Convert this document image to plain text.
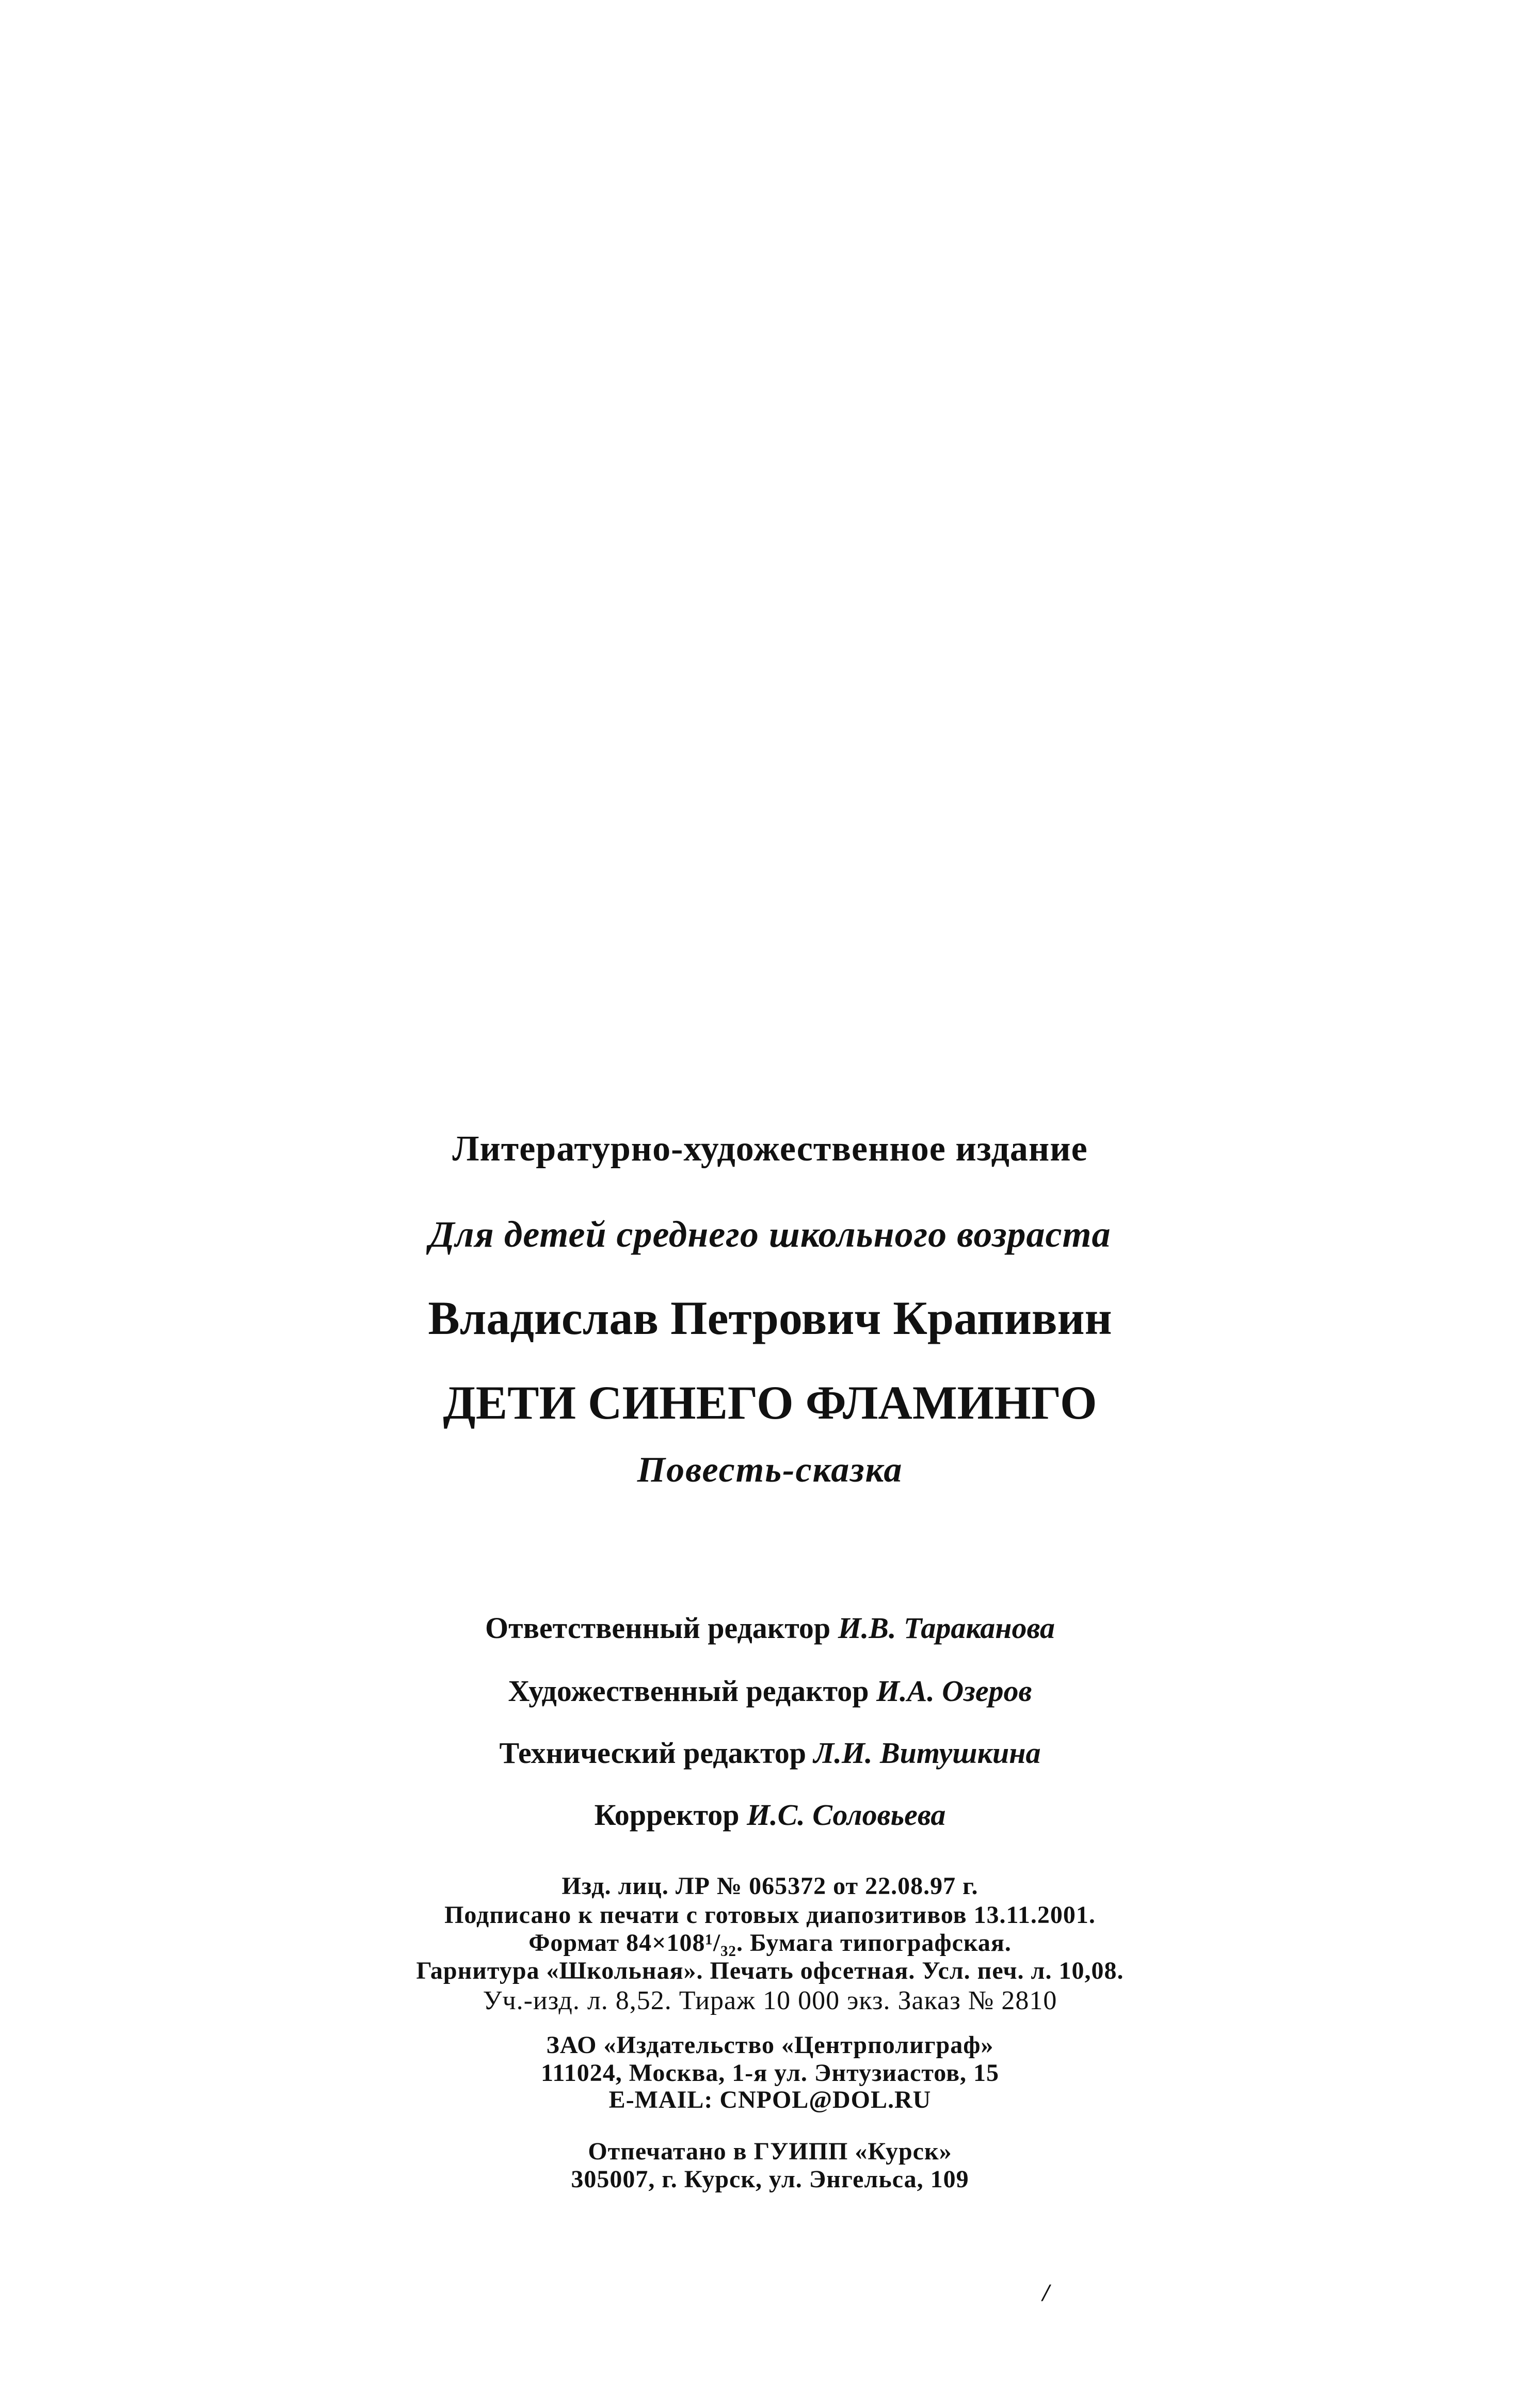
Литературно-художественное издание
Для детей среднего школьного возраста
Владислав Петрович Крапивин
ДЕТИ СИНЕГО ФЛАМИНГО
Повесть-сказка
Ответственный редактор И.В. Тараканова
Художественный редактор И.А. Озеров
Технический редактор Л.И. Витушкина
Корректор И.С. Соловьева
Изд. лиц. ЛР № 065372 от 22.08.97 г.
Подписано к печати с готовых диапозитивов 13.11.2001.
Формат 84×108¹/₃₂. Бумага типографская.
Гарнитура «Школьная». Печать офсетная. Усл. печ. л. 10,08.
Уч.-изд. л. 8,52. Тираж 10 000 экз. Заказ № 2810
ЗАО «Издательство «Центрполиграф»
111024, Москва, 1-я ул. Энтузиастов, 15
E-MAIL: CNPOL@DOL.RU
Отпечатано в ГУИПП «Курск»
305007, г. Курск, ул. Энгельса, 109
/
